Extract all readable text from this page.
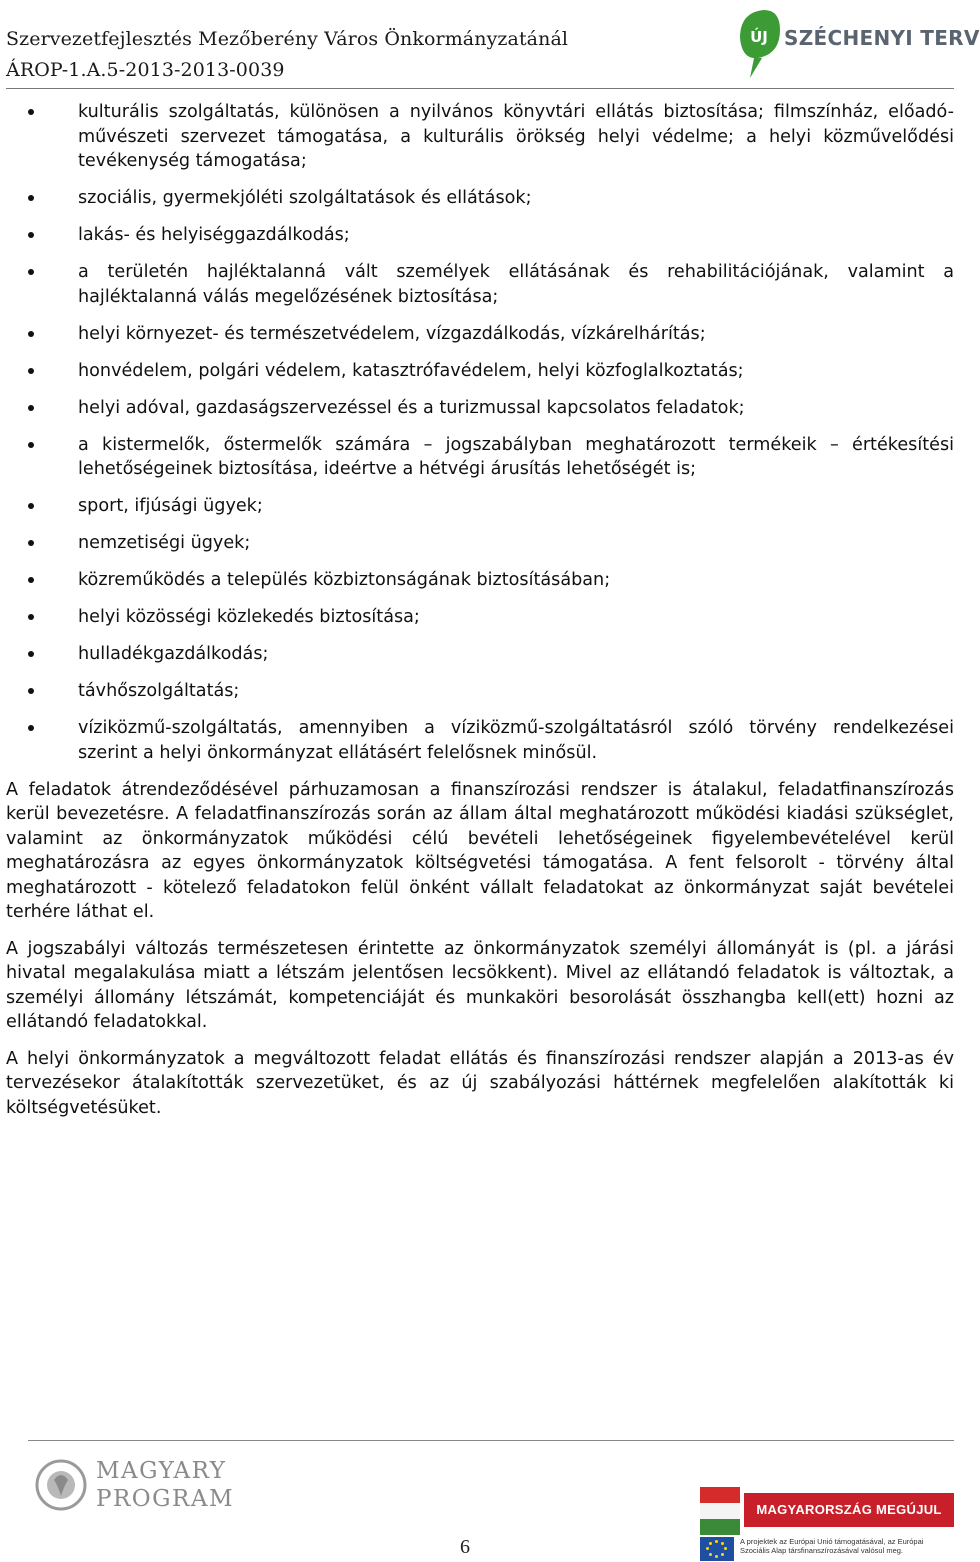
Szervezetfejlesztés Mezőberény Város Önkormányzatánál
ÁROP-1.A.5-2013-2013-0039
ÚJ SZÉCHENYI TERV
kulturális szolgáltatás, különösen a nyilvános könyvtári ellátás biztosítása; filmszínház, előadó-művészeti szervezet támogatása, a kulturális örökség helyi védelme; a helyi közművelődési tevékenység támogatása;
szociális, gyermekjóléti szolgáltatások és ellátások;
lakás- és helyiséggazdálkodás;
a területén hajléktalanná vált személyek ellátásának és rehabilitációjának, valamint a hajléktalanná válás megelőzésének biztosítása;
helyi környezet- és természetvédelem, vízgazdálkodás, vízkárelhárítás;
honvédelem, polgári védelem, katasztrófavédelem, helyi közfoglalkoztatás;
helyi adóval, gazdaságszervezéssel és a turizmussal kapcsolatos feladatok;
a kistermelők, őstermelők számára – jogszabályban meghatározott termékeik – értékesítési lehetőségeinek biztosítása, ideértve a hétvégi árusítás lehetőségét is;
sport, ifjúsági ügyek;
nemzetiségi ügyek;
közreműködés a település közbiztonságának biztosításában;
helyi közösségi közlekedés biztosítása;
hulladékgazdálkodás;
távhőszolgáltatás;
víziközmű-szolgáltatás, amennyiben a víziközmű-szolgáltatásról szóló törvény rendelkezései szerint a helyi önkormányzat ellátásért felelősnek minősül.

A feladatok átrendeződésével párhuzamosan a finanszírozási rendszer is átalakul, feladatfinanszírozás kerül bevezetésre. A feladatfinanszírozás során az állam által meghatározott működési kiadási szükséglet, valamint az önkormányzatok működési célú bevételi lehetőségeinek figyelembevételével kerül meghatározásra az egyes önkormányzatok költségvetési támogatása. A fent felsorolt - törvény által meghatározott - kötelező feladatokon felül önként vállalt feladatokat az önkormányzat saját bevételei terhére láthat el.

A jogszabályi változás természetesen érintette az önkormányzatok személyi állományát is (pl. a járási hivatal megalakulása miatt a létszám jelentősen lecsökkent). Mivel az ellátandó feladatok is változtak, a személyi állomány létszámát, kompetenciáját és munkaköri besorolását összhangba kell(ett) hozni az ellátandó feladatokkal.

A helyi önkormányzatok a megváltozott feladat ellátás és finanszírozási rendszer alapján a 2013-as év tervezésekor átalakították szervezetüket, és az új szabályozási háttérnek megfelelően alakították ki költségvetésüket.

MAGYARY
PROGRAM	MAGYARORSZÁG MEGÚJUL
A projektek az Európai Unió támogatásával, az Európai
Szociális Alap társfinanszírozásával valósul meg.
6
